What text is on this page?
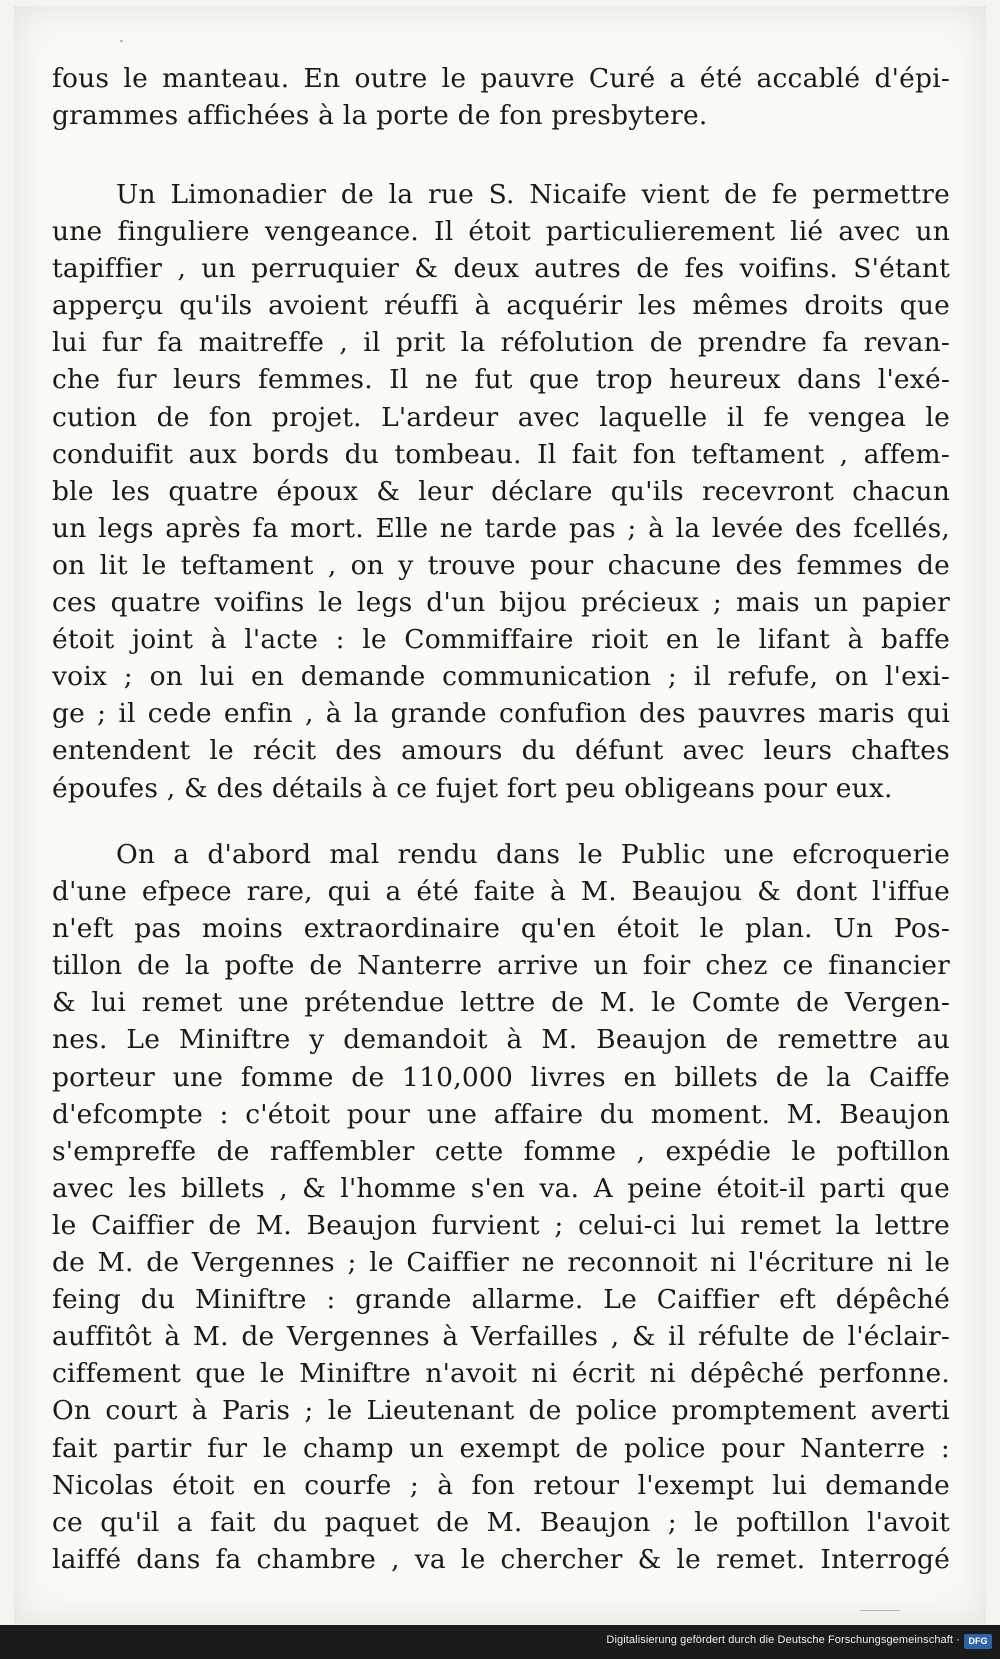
fous le manteau. En outre le pauvre Curé a été accablé d'épi-
grammes affichées à la porte de fon presbytere.
Un Limonadier de la rue S. Nicaife vient de fe permettre
une finguliere vengeance. Il étoit particulierement lié avec un
tapiffier , un perruquier & deux autres de fes voifins. S'étant
apperçu qu'ils avoient réuffi à acquérir les mêmes droits que
lui fur fa maitreffe , il prit la réfolution de prendre fa revan-
che fur leurs femmes. Il ne fut que trop heureux dans l'exé-
cution de fon projet. L'ardeur avec laquelle il fe vengea le
conduifit aux bords du tombeau. Il fait fon teftament , affem-
ble les quatre époux & leur déclare qu'ils recevront chacun
un legs après fa mort. Elle ne tarde pas ; à la levée des fcellés,
on lit le teftament , on y trouve pour chacune des femmes de
ces quatre voifins le legs d'un bijou précieux ; mais un papier
étoit joint à l'acte : le Commiffaire rioit en le lifant à baffe
voix ; on lui en demande communication ; il refufe, on l'exi-
ge ; il cede enfin , à la grande confufion des pauvres maris qui
entendent le récit des amours du défunt avec leurs chaftes
époufes , & des détails à ce fujet fort peu obligeans pour eux.
On a d'abord mal rendu dans le Public une efcroquerie
d'une efpece rare, qui a été faite à M. Beaujou & dont l'iffue
n'eft pas moins extraordinaire qu'en étoit le plan. Un Pos-
tillon de la pofte de Nanterre arrive un foir chez ce financier
& lui remet une prétendue lettre de M. le Comte de Vergen-
nes. Le Miniftre y demandoit à M. Beaujon de remettre au
porteur une fomme de 110,000 livres en billets de la Caiffe
d'efcompte : c'étoit pour une affaire du moment. M. Beaujon
s'empreffe de raffembler cette fomme , expédie le poftillon
avec les billets , & l'homme s'en va. A peine étoit-il parti que
le Caiffier de M. Beaujon furvient ; celui-ci lui remet la lettre
de M. de Vergennes ; le Caiffier ne reconnoit ni l'écriture ni le
feing du Miniftre : grande allarme. Le Caiffier eft dépêché
auffitôt à M. de Vergennes à Verfailles , & il réfulte de l'éclair-
ciffement que le Miniftre n'avoit ni écrit ni dépêché perfonne.
On court à Paris ; le Lieutenant de police promptement averti
fait partir fur le champ un exempt de police pour Nanterre :
Nicolas étoit en courfe ; à fon retour l'exempt lui demande
ce qu'il a fait du paquet de M. Beaujon ; le poftillon l'avoit
laiffé dans fa chambre , va le chercher & le remet. Interrogé
Digitalisierung gefördert durch die Deutsche Forschungsgemeinschaft · DFG
